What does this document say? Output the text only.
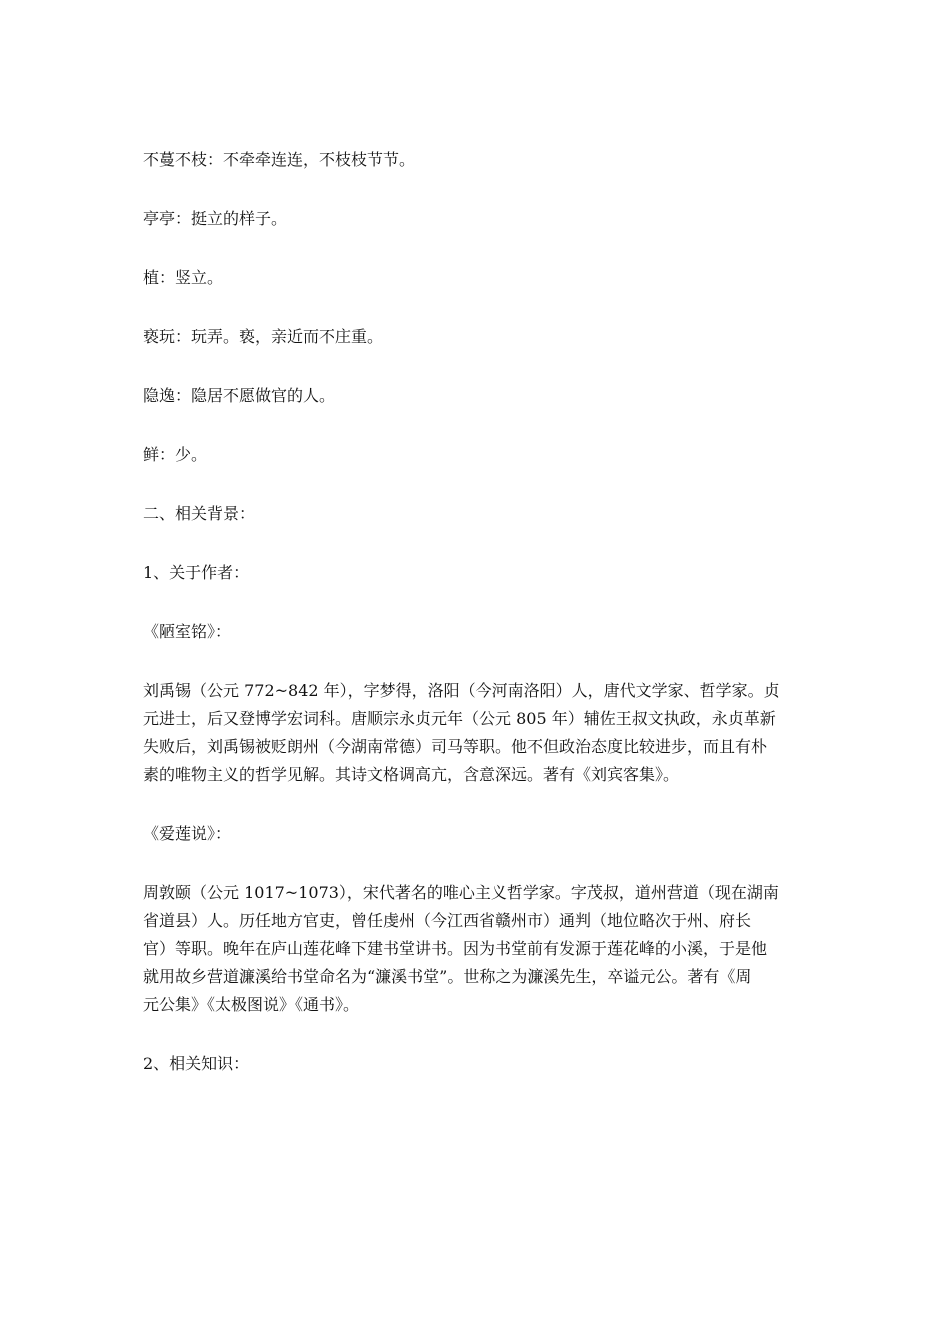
不蔓不枝：不牵牵连连，不枝枝节节。

亭亭：挺立的样子。

植：竖立。

亵玩：玩弄。亵，亲近而不庄重。

隐逸：隐居不愿做官的人。

鲜：少。

二、相关背景：

1、关于作者：

《陋室铭》：

刘禹锡（公元 772~842 年），字梦得，洛阳（今河南洛阳）人，唐代文学家、哲学家。贞
元进士，后又登博学宏词科。唐顺宗永贞元年（公元 805 年）辅佐王叔文执政，永贞革新
失败后，刘禹锡被贬朗州（今湖南常德）司马等职。他不但政治态度比较进步，而且有朴
素的唯物主义的哲学见解。其诗文格调高亢，含意深远。著有《刘宾客集》。

《爱莲说》：

周敦颐（公元 1017~1073），宋代著名的唯心主义哲学家。字茂叔，道州营道（现在湖南
省道县）人。历任地方官吏，曾任虔州（今江西省赣州市）通判（地位略次于州、府长
官）等职。晚年在庐山莲花峰下建书堂讲书。因为书堂前有发源于莲花峰的小溪，于是他
就用故乡营道濂溪给书堂命名为“濂溪书堂”。世称之为濂溪先生，卒谥元公。著有《周
元公集》《太极图说》《通书》。

2、相关知识：
